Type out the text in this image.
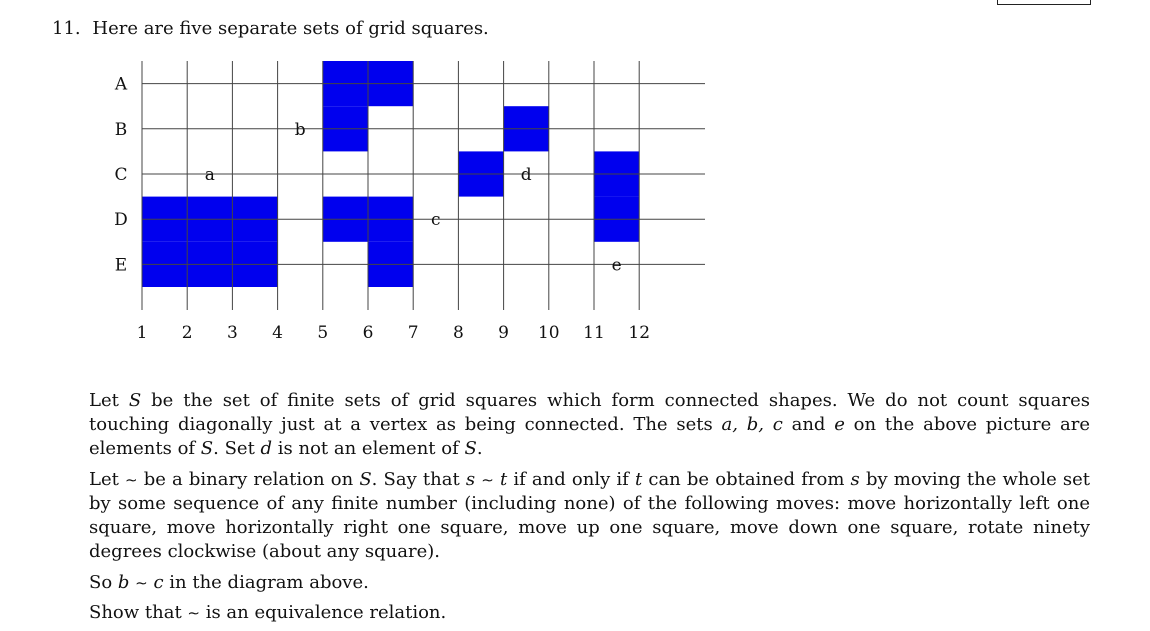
11. Here are five separate sets of grid squares.
A
B
C
D
E
1 2 3 4 5 6 7 8 9 10 11 12
a
b
c
d
e
Let S be the set of finite sets of grid squares which form connected shapes. We do not count squares touching diagonally just at a vertex as being connected. The sets a, b, c and e on the above picture are elements of S. Set d is not an element of S.
Let ∼ be a binary relation on S. Say that s ∼ t if and only if t can be obtained from s by moving the whole set by some sequence of any finite number (including none) of the following moves: move horizontally left one square, move horizontally right one square, move up one square, move down one square, rotate ninety degrees clockwise (about any square).
So b ∼ c in the diagram above.
Show that ∼ is an equivalence relation.
